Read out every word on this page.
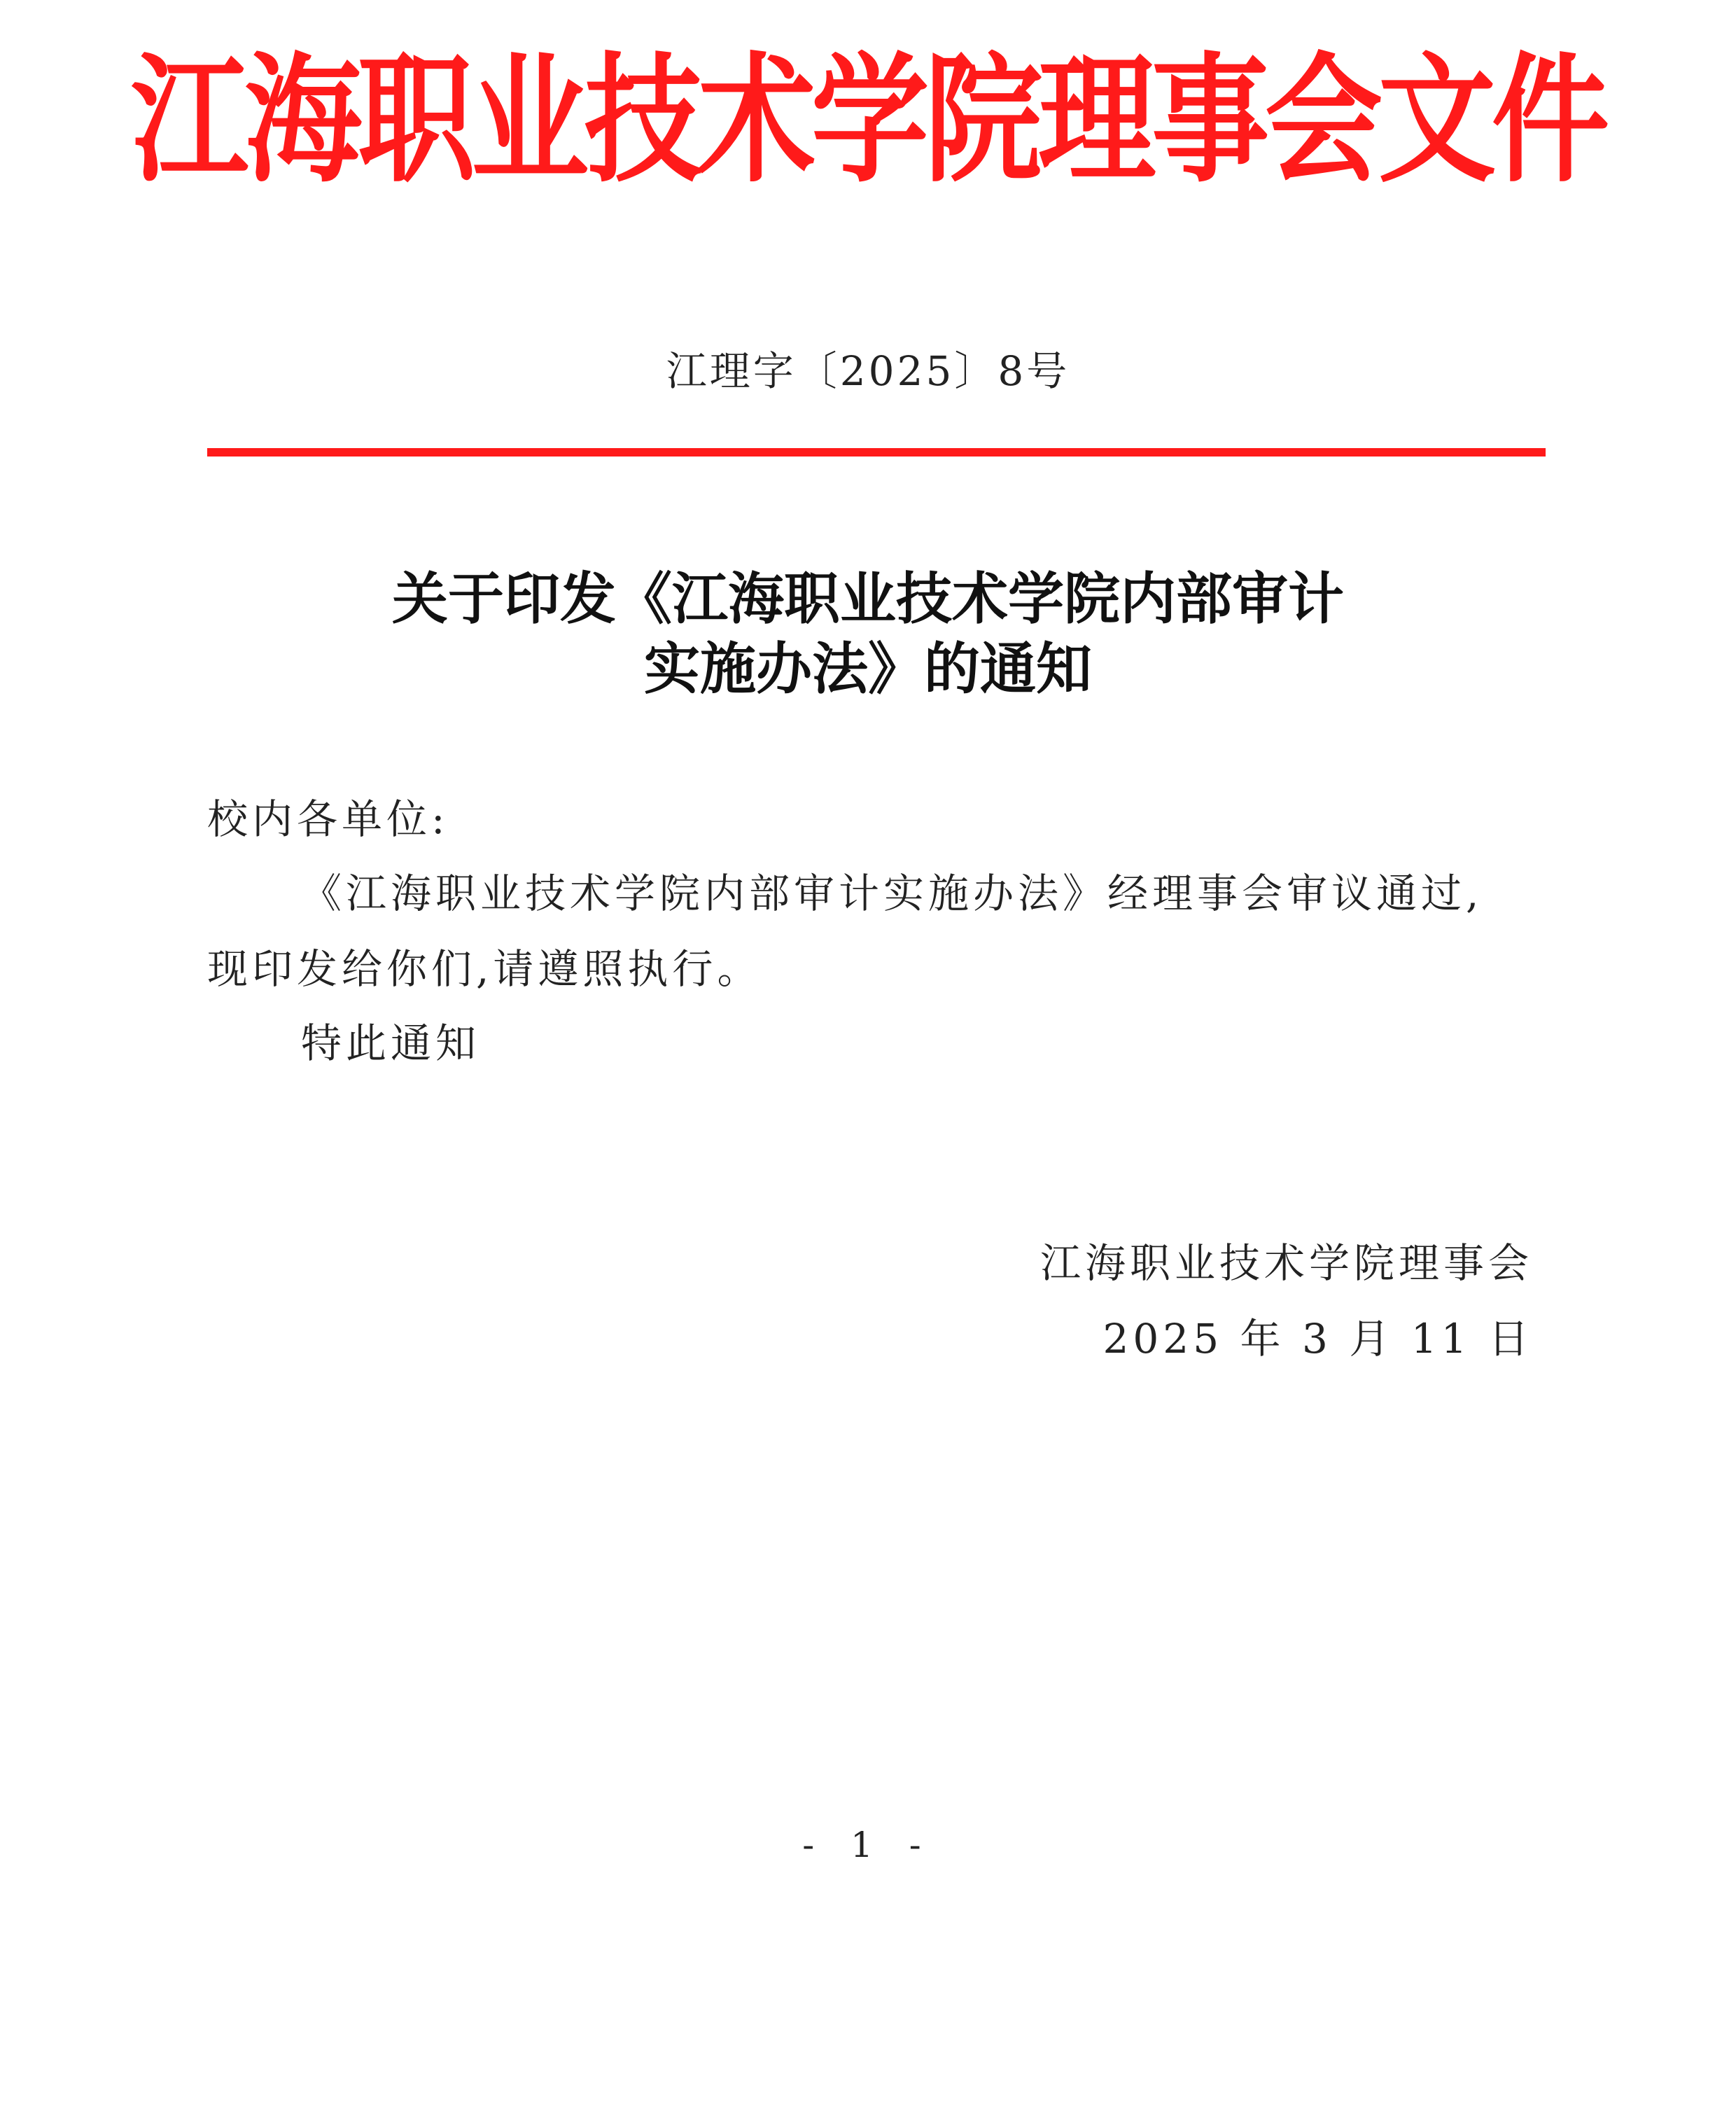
江海职业技术学院理事会文件
江理字〔2025〕8号
关于印发《江海职业技术学院内部审计
实施办法》的通知
校内各单位:
《江海职业技术学院内部审计实施办法》经理事会审议通过,
现印发给你们,请遵照执行。
特此通知
江海职业技术学院理事会
2025 年 3 月 11 日
- 1 -
